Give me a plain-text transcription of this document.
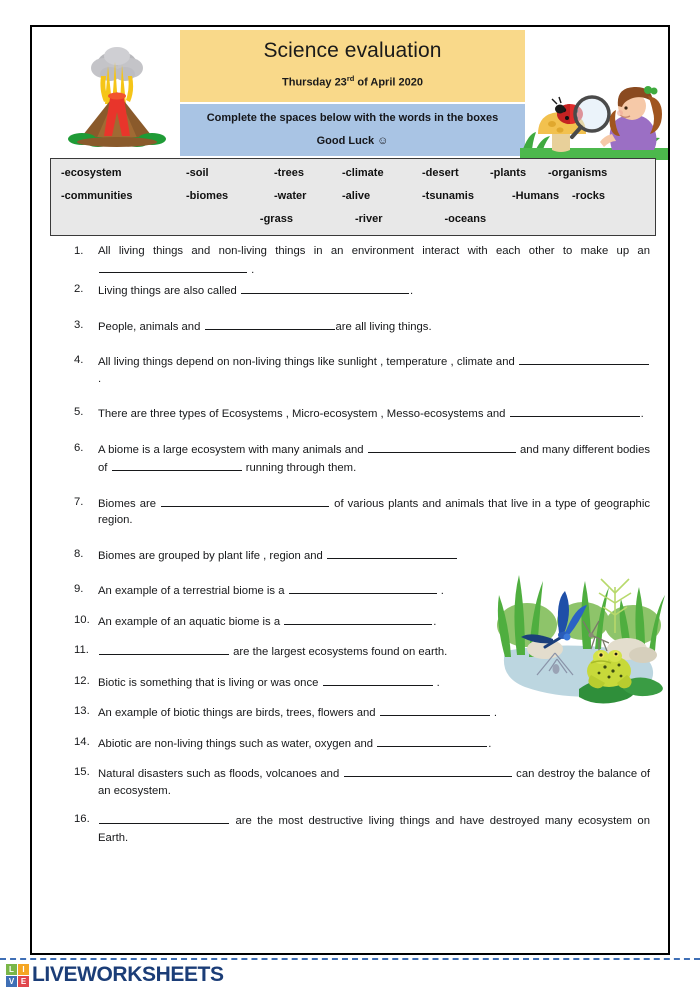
Science evaluation
Thursday 23rd of April 2020
Complete the spaces below with the words in the boxes
Good Luck ☺
-ecosystem	-soil	-trees	-climate	-desert	-plants	-organisms
-communities	-biomes	-water	-alive	-tsunamis	-Humans	-rocks
-grass	-river	-oceans
1.	All living things and non-living things in an environment interact with each other to make up an  .
2.	Living things are also called	.
3.	People, animals and	are all living things.
4.	All living things depend on non-living things like sunlight , temperature , climate and .
5.	There are three types of Ecosystems , Micro-ecosystem , Messo-ecosystems and	.
6.	A biome is a large ecosystem with many animals and	and many different bodies of	running through them.
7.	Biomes are	of various plants and animals that live in a type of geographic region.
8.	Biomes are grouped by plant life , region and
9.	An example of a terrestrial biome is a	.
10. An example of an aquatic biome is a	.
11.	are the largest ecosystems found on earth.
12. Biotic is something that is living or was once	.
13. An example of biotic things are birds, trees, flowers and	.
14. Abiotic are non-living things such as water, oxygen and	.
15. Natural disasters such as floods, volcanoes and	can destroy the balance of an ecosystem.
16.	are the most destructive living things and have destroyed many ecosystem on Earth.
L	I
V E LIVEWORKSHEETS
